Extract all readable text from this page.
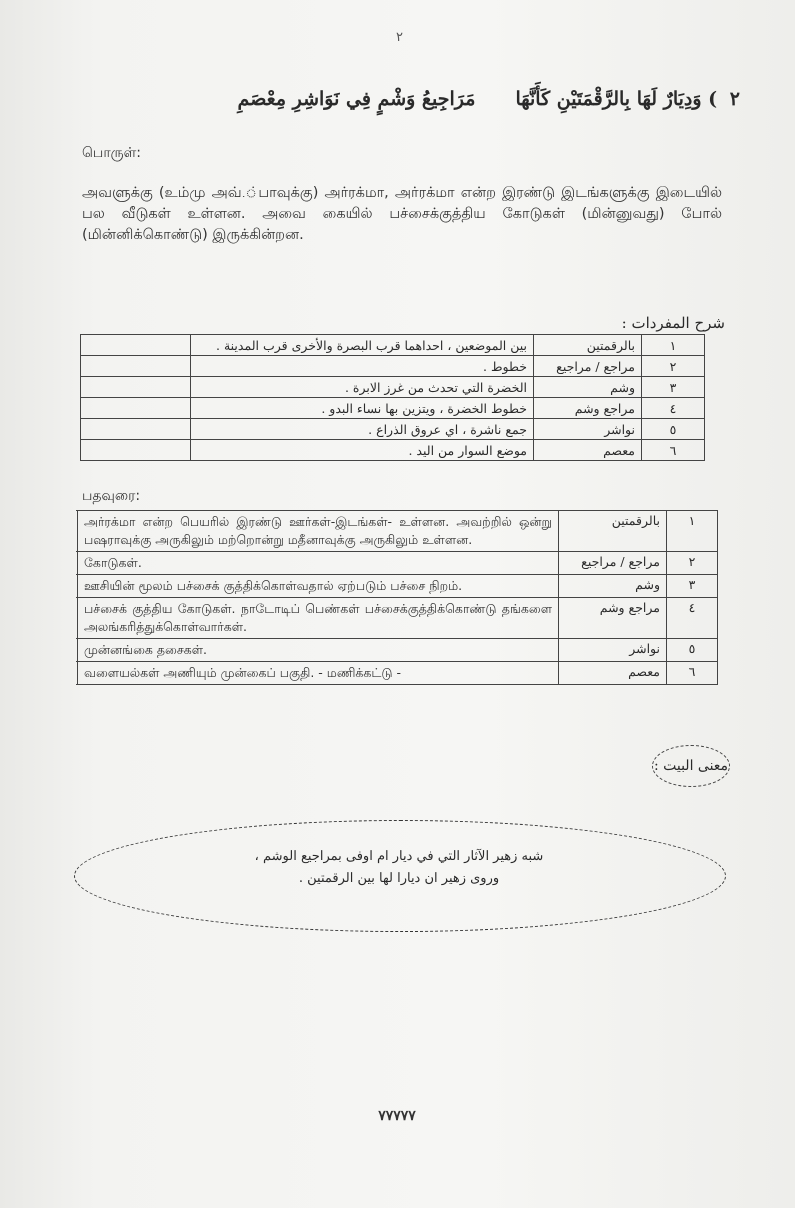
٢
٢ ) وَدِيَارٌ لَهَا بِالرَّقْمَتَيْنِ كَأَنَّهَامَرَاجِيعُ وَشْمٍ فِي نَوَاشِرِ مِعْصَمِ
பொருள்:
அவளுக்கு (உம்மு அவ்.்பாவுக்கு) அர்ரக்மா, அர்ரக்மா என்ற இரண்டு இடங்களுக்கு இடையில் பல வீடுகள் உள்ளன. அவை கையில் பச்சைக்குத்திய கோடுகள் (மின்னுவது) போல் (மின்னிக்கொண்டு) இருக்கின்றன.
شرح المفردات :
١	بالرقمتين	بين الموضعين ، احداهما قرب البصرة والأخرى قرب المدينة .	
٢	مراجع / مراجيع	خطوط .	
٣	وشم	الخضرة التي تحدث من غرز الابرة .	
٤	مراجع وشم	خطوط الخضرة ، ويتزين بها نساء البدو .	
٥	نواشر	جمع ناشرة ، اي عروق الذراع .	
٦	معصم	موضع السوار من اليد .	
பதவுரை:
١	بالرقمتين	அர்ரக்மா என்ற பெயரில் இரண்டு ஊர்கள்-இடங்கள்- உள்ளன. அவற்றில் ஒன்று பஷராவுக்கு அருகிலும் மற்றொன்று மதீனாவுக்கு அருகிலும் உள்ளன.	
٢	مراجع / مراجيع	கோடுகள்.	
٣	وشم	ஊசியின் மூலம் பச்சைக் குத்திக்கொள்வதால் ஏற்படும் பச்சை நிறம்.	
٤	مراجع وشم	பச்சைக் குத்திய கோடுகள். நாடோடிப் பெண்கள் பச்சைக்குத்திக்கொண்டு தங்களை அலங்கரித்துக்கொள்வார்கள்.	
٥	نواشر	முன்னங்கை தசைகள்.	
٦	معصم	வளையல்கள் அணியும் முன்கைப் பகுதி. - மணிக்கட்டு -	
معنى البيت :
شبه زهير الآثار التي في ديار ام اوفى بمراجيع الوشم ،
وروى زهير ان ديارا لها بين الرقمتين .
٧٧٧٧٧
